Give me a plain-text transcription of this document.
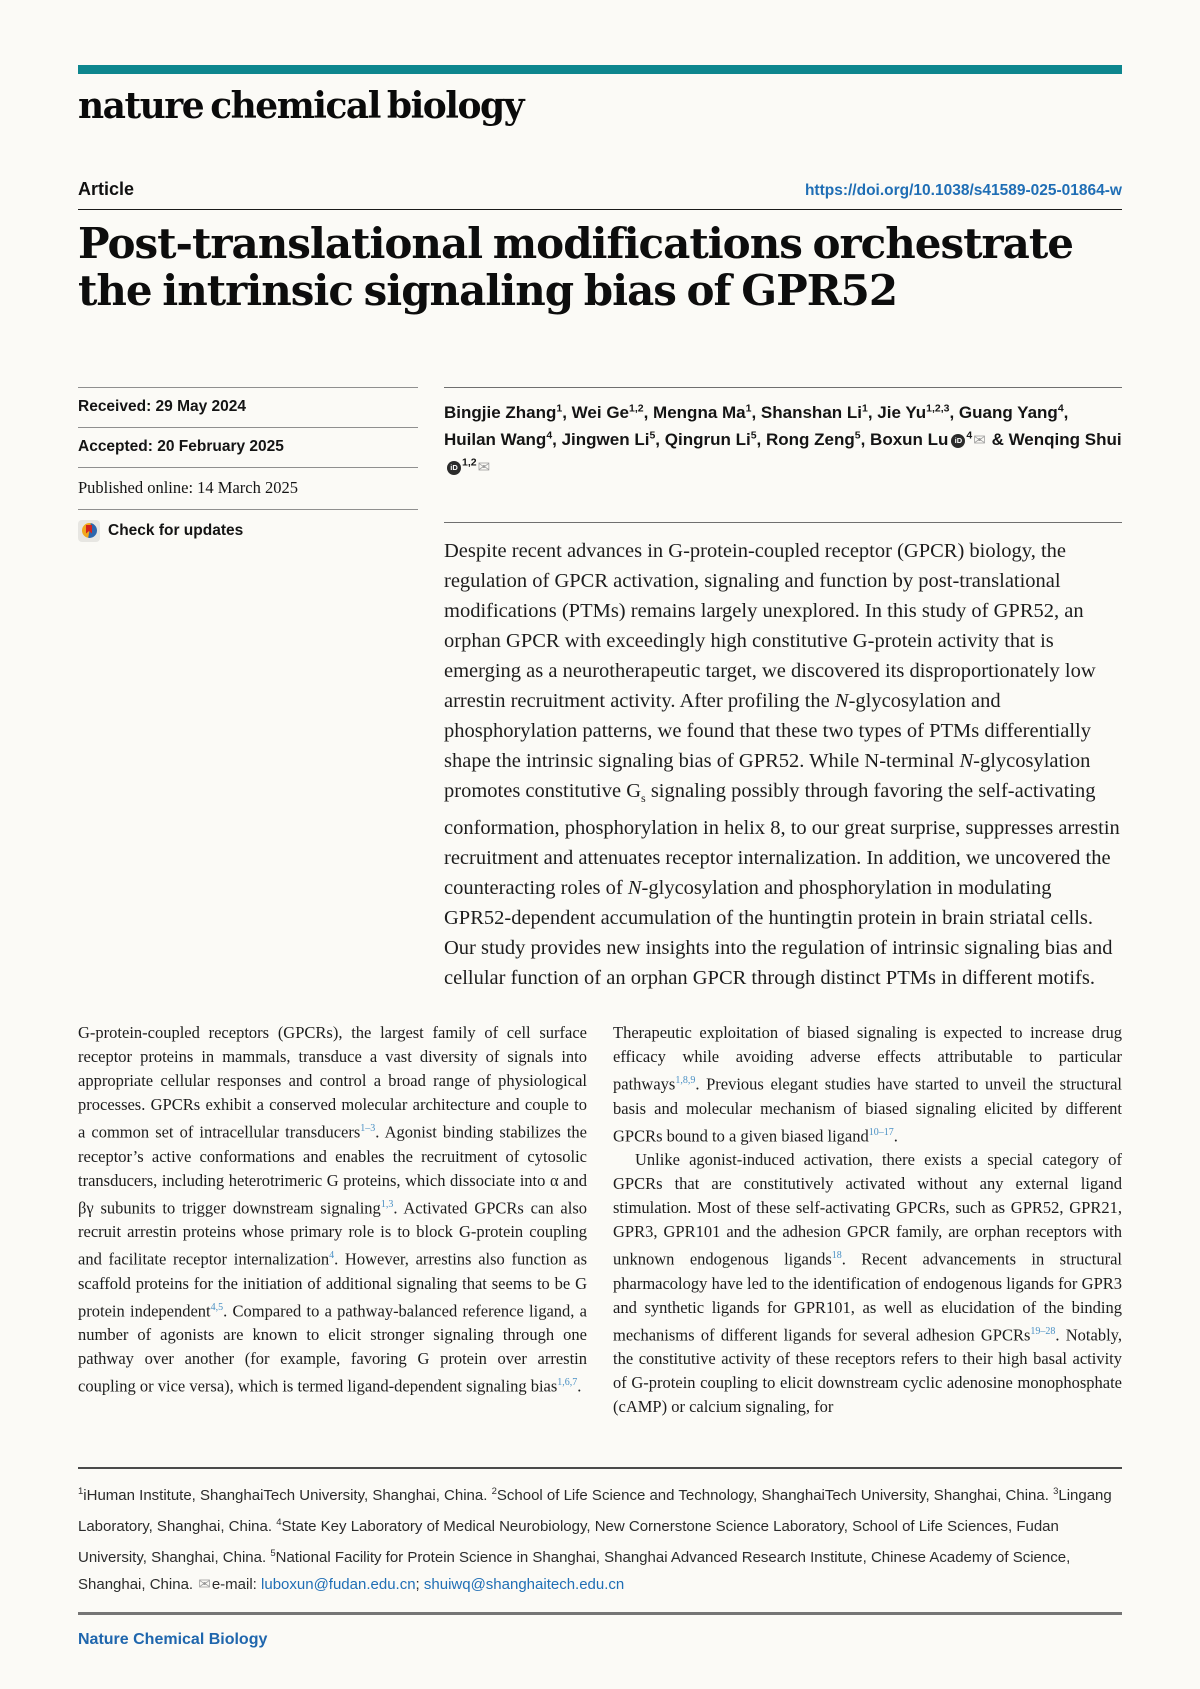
nature chemical biology
Article	https://doi.org/10.1038/s41589-025-01864-w
Post-translational modifications orchestrate the intrinsic signaling bias of GPR52
Received: 29 May 2024
Accepted: 20 February 2025
Published online: 14 March 2025
Check for updates
Bingjie Zhang$^1$, Wei Ge$^{1,2}$, Mengna Ma$^1$, Shanshan Li$^1$, Jie Yu$^{1,2,3}$, Guang Yang$^4$, Huilan Wang$^4$, Jingwen Li$^5$, Qingrun Li$^5$, Rong Zeng$^5$, Boxun Lu iD $^4$✉ & Wenqing ShuiiD $^{1,2}$✉
Despite recent advances in G-protein-coupled receptor (GPCR) biology, the regulation of GPCR activation, signaling and function by post-translational modifications (PTMs) remains largely unexplored. In this study of GPR52, an orphan GPCR with exceedingly high constitutive G-protein activity that is emerging as a neurotherapeutic target, we discovered its disproportionately low arrestin recruitment activity. After profiling the N-glycosylation and phosphorylation patterns, we found that these two types of PTMs differentially shape the intrinsic signaling bias of GPR52. While N-terminal N-glycosylation promotes constitutive $G_s$ signaling possibly through favoring the self-activating conformation, phosphorylation in helix 8, to our great surprise, suppresses arrestin recruitment and attenuates receptor internalization. In addition, we uncovered the counteracting roles of N-glycosylation and phosphorylation in modulating GPR52-dependent accumulation of the huntingtin protein in brain striatal cells. Our study provides new insights into the regulation of intrinsic signaling bias and cellular function of an orphan GPCR through distinct PTMs in different motifs.

G-protein-coupled receptors (GPCRs), the largest family of cell surface receptor proteins in mammals, transduce a vast diversity of signals into appropriate cellular responses and control a broad range of physiological processes. GPCRs exhibit a conserved molecular architecture and couple to a common set of intracellular transducers$^{1-3}$. Agonist binding stabilizes the receptor’s active conformations and enables the recruitment of cytosolic transducers, including heterotrimeric G proteins, which dissociate into α and βγ subunits to trigger downstream signaling$^{1,3}$. Activated GPCRs can also recruit arrestin proteins whose primary role is to block G-protein coupling and facilitate receptor internalization$^4$. However, arrestins also function as scaffold proteins for the initiation of additional signaling that seems to be G protein independent$^{4,5}$. Compared to a pathway-balanced reference ligand, a number of agonists are known to elicit stronger signaling through one pathway over another (for example, favoring G protein over arrestin coupling or vice versa), which is termed ligand-dependent signaling bias$^{1,6,7}$.

Therapeutic exploitation of biased signaling is expected to increase drug efficacy while avoiding adverse effects attributable to particular pathways$^{1,8,9}$. Previous elegant studies have started to unveil the structural basis and molecular mechanism of biased signaling elicited by different GPCRs bound to a given biased ligand$^{10-17}$.

Unlike agonist-induced activation, there exists a special category of GPCRs that are constitutively activated without any external ligand stimulation. Most of these self-activating GPCRs, such as GPR52, GPR21, GPR3, GPR101 and the adhesion GPCR family, are orphan receptors with unknown endogenous ligands$^{18}$. Recent advancements in structural pharmacology have led to the identification of endogenous ligands for GPR3 and synthetic ligands for GPR101, as well as elucidation of the binding mechanisms of different ligands for several adhesion GPCRs$^{19-28}$. Notably, the constitutive activity of these receptors refers to their high basal activity of G-protein coupling to elicit downstream cyclic adenosine monophosphate (cAMP) or calcium signaling, for

$^1$iHuman Institute, ShanghaiTech University, Shanghai, China. $^2$School of Life Science and Technology, ShanghaiTech University, Shanghai, China. $^3$Lingang Laboratory, Shanghai, China. $^4$State Key Laboratory of Medical Neurobiology, New Cornerstone Science Laboratory, School of Life Sciences, Fudan University, Shanghai, China. $^5$National Facility for Protein Science in Shanghai, Shanghai Advanced Research Institute, Chinese Academy of Science, Shanghai, China. ✉e-mail: luboxun@fudan.edu.cn; shuiwq@shanghaitech.edu.cn
Nature Chemical Biology
